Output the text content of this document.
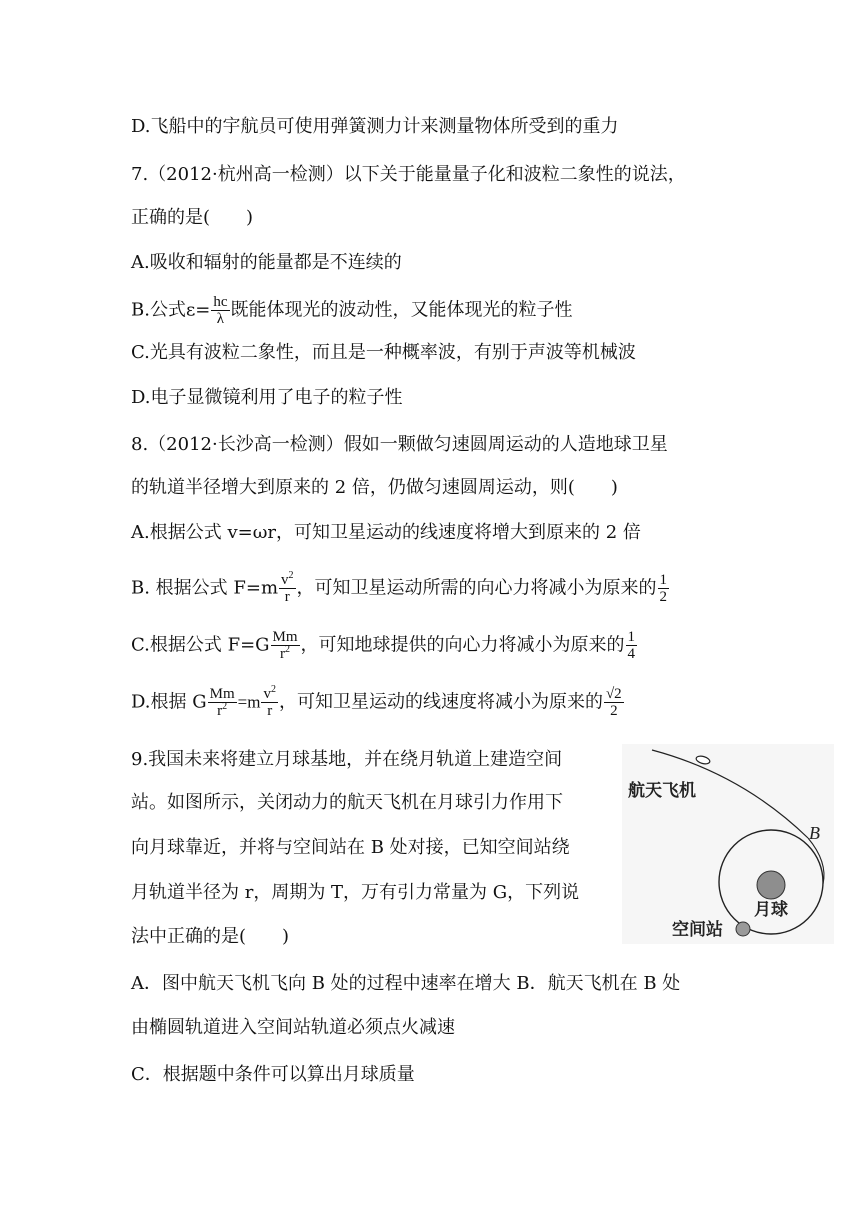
D.飞船中的宇航员可使用弹簧测力计来测量物体所受到的重力
7.（2012·杭州高一检测）以下关于能量量子化和波粒二象性的说法，
正确的是(　　)
A.吸收和辐射的能量都是不连续的
B.公式$\varepsilon= \frac{hc}{\lambda}$ 既能体现光的波动性，又能体现光的粒子性
C.光具有波粒二象性，而且是一种概率波，有别于声波等机械波
D.电子显微镜利用了电子的粒子性
8.（2012·长沙高一检测）假如一颗做匀速圆周运动的人造地球卫星
的轨道半径增大到原来的 2 倍，仍做匀速圆周运动，则(　　)
A.根据公式 v=ωr，可知卫星运动的线速度将增大到原来的 2 倍
B. 根据公式 $F=m \frac{v^2}{r}$ ，可知卫星运动所需的向心力将减小为原来的 $\frac{1}{2}$
C.根据公式 $F=G \frac{Mm}{r^2}$ ，可知地球提供的向心力将减小为原来的 $\frac{1}{4}$
D.根据 G $\frac{Mm}{r^2} =m \frac{v^2}{r}$ ，可知卫星运动的线速度将减小为原来的 $\frac{√2}{2}$
9.我国未来将建立月球基地，并在绕月轨道上建造空间
站。如图所示，关闭动力的航天飞机在月球引力作用下
向月球靠近，并将与空间站在 B 处对接，已知空间站绕
月轨道半径为 r，周期为 T，万有引力常量为 G，下列说
法中正确的是(　　)
A．图中航天飞机飞向 B 处的过程中速率在增大 B．航天飞机在 B 处
由椭圆轨道进入空间站轨道必须点火减速
C．根据题中条件可以算出月球质量
航天飞机
B
月球
空间站
